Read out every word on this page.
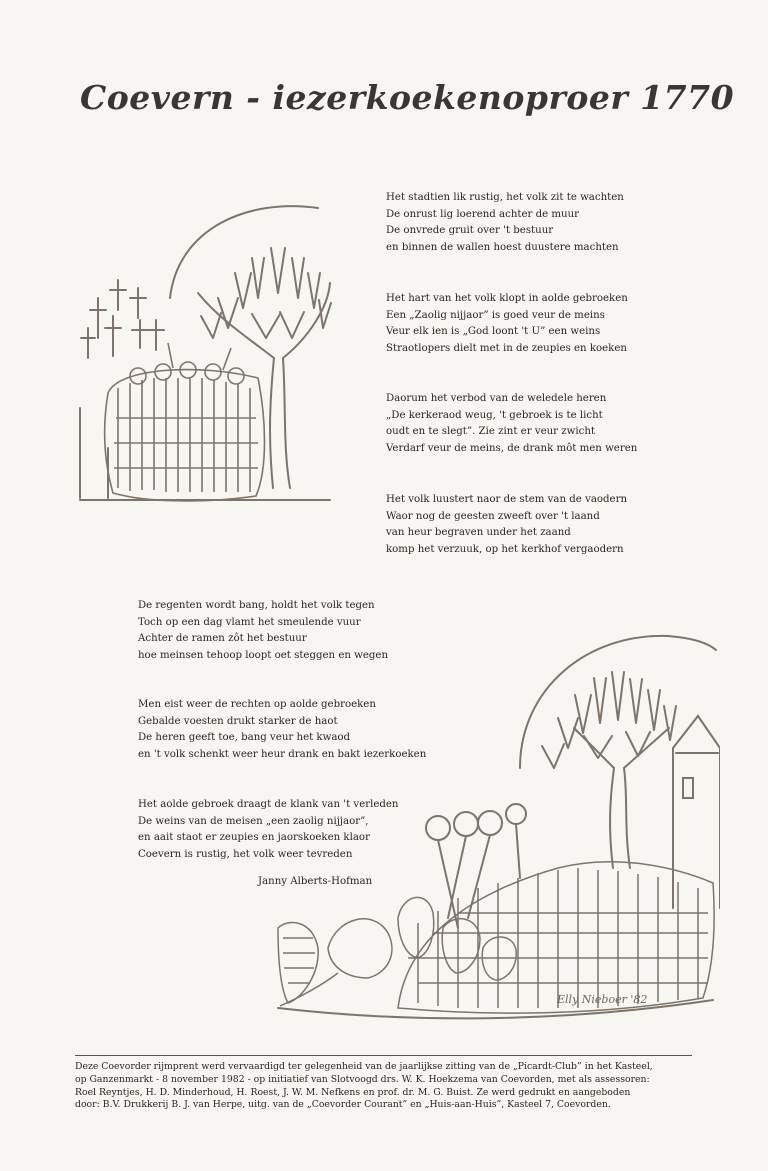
Coevern - iezerkoekenoproer 1770
Het stadtien lik rustig, het volk zit te wachten
De onrust lig loerend achter de muur
De onvrede gruit over 't bestuur
en binnen de wallen hoest duustere machten
Het hart van het volk klopt in aolde gebroeken
Een „Zaolig nijjaor” is goed veur de meins
Veur elk ien is „God loont 't U” een weins
Straotlopers dielt met in de zeupies en koeken
Daorum het verbod van de weledele heren
„De kerkeraod weug, 't gebroek is te licht
oudt en te slegt”. Zie zint er veur zwicht
Verdarf veur de meins, de drank môt men weren
Het volk luustert naor de stem van de vaodern
Waor nog de geesten zweeft over 't laand
van heur begraven under het zaand
komp het verzuuk, op het kerkhof vergaodern
De regenten wordt bang, holdt het volk tegen
Toch op een dag vlamt het smeulende vuur
Achter de ramen zôt het bestuur
hoe meinsen tehoop loopt oet steggen en wegen
Men eist weer de rechten op aolde gebroeken
Gebalde voesten drukt starker de haot
De heren geeft toe, bang veur het kwaod
en 't volk schenkt weer heur drank en bakt iezerkoeken
Het aolde gebroek draagt de klank van 't verleden
De weins van de meisen „een zaolig nijjaor”,
en aait staot er zeupies en jaorskoeken klaor
Coevern is rustig, het volk weer tevreden
Janny Alberts-Hofman
Elly Nieboer '82
Deze Coevorder rijmprent werd vervaardigd ter gelegenheid van de jaarlijkse zitting van de „Picardt-Club” in het Kasteel,
op Ganzenmarkt - 8 november 1982 - op initiatief van Slotvoogd drs. W. K. Hoekzema van Coevorden, met als assessoren:
Roel Reyntjes, H. D. Minderhoud, H. Roest, J. W. M. Nefkens en prof. dr. M. G. Buist. Ze werd gedrukt en aangeboden
door: B.V. Drukkerij B. J. van Herpe, uitg. van de „Coevorder Courant” en „Huis-aan-Huis”, Kasteel 7, Coevorden.
